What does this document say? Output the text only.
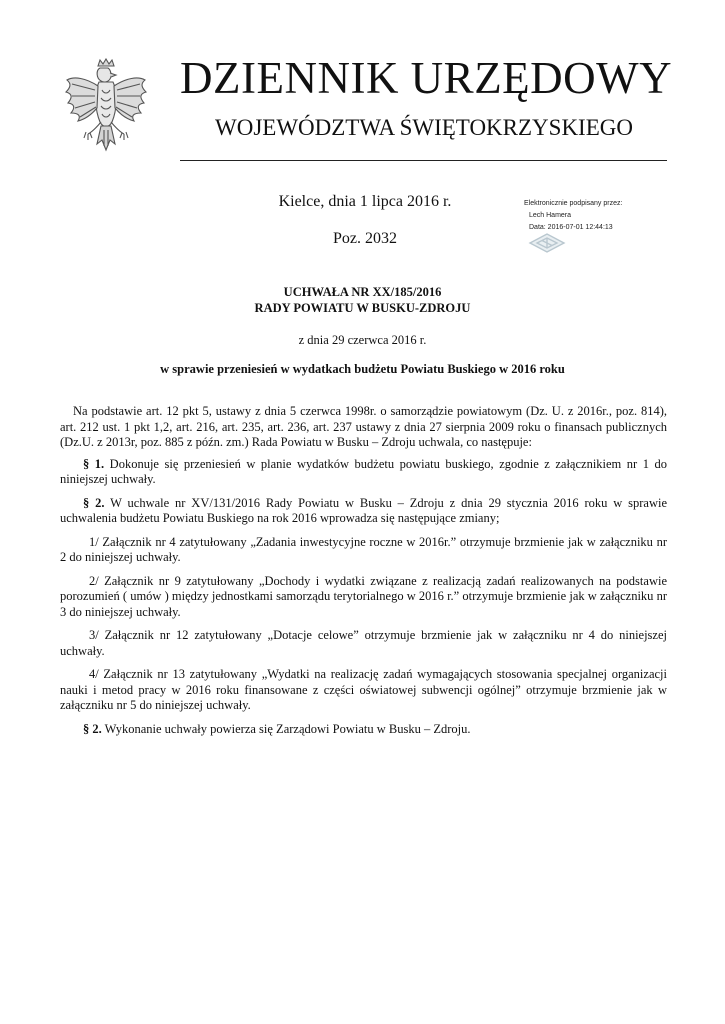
DZIENNIK URZĘDOWY
WOJEWÓDZTWA ŚWIĘTOKRZYSKIEGO
Kielce, dnia 1 lipca 2016 r.
Poz. 2032
Elektronicznie podpisany przez:
Lech Hamera
Data: 2016-07-01 12:44:13
UCHWAŁA NR XX/185/2016
RADY POWIATU W BUSKU-ZDROJU
z dnia 29 czerwca 2016 r.
w sprawie przeniesień w wydatkach budżetu Powiatu Buskiego w 2016 roku

Na podstawie art. 12 pkt 5, ustawy z dnia 5 czerwca 1998r. o samorządzie powiatowym (Dz. U. z 2016r., poz. 814), art. 212 ust. 1 pkt 1,2, art. 216, art. 235, art. 236, art. 237 ustawy z dnia 27 sierpnia 2009 roku o finansach publicznych (Dz.U. z 2013r, poz. 885 z późn. zm.) Rada Powiatu w Busku – Zdroju uchwala, co następuje:

§ 1. Dokonuje się przeniesień w planie wydatków budżetu powiatu buskiego, zgodnie z załącznikiem nr 1 do niniejszej uchwały.

§ 2. W uchwale nr XV/131/2016 Rady Powiatu w Busku – Zdroju z dnia 29 stycznia 2016 roku w sprawie uchwalenia budżetu Powiatu Buskiego na rok 2016 wprowadza się następujące zmiany;

1/ Załącznik nr 4 zatytułowany „Zadania inwestycyjne roczne w 2016r.” otrzymuje brzmienie jak w załączniku nr 2 do niniejszej uchwały.

2/ Załącznik nr 9 zatytułowany „Dochody i wydatki związane z realizacją zadań realizowanych na podstawie porozumień ( umów ) między jednostkami samorządu terytorialnego w 2016 r.” otrzymuje brzmienie jak w załączniku nr 3 do niniejszej uchwały.

3/ Załącznik nr 12 zatytułowany „Dotacje celowe” otrzymuje brzmienie jak w załączniku nr 4 do niniejszej uchwały.

4/ Załącznik nr 13 zatytułowany „Wydatki na realizację zadań wymagających stosowania specjalnej organizacji nauki i metod pracy w 2016 roku finansowane z części oświatowej subwencji ogólnej” otrzymuje brzmienie jak w załączniku nr 5 do niniejszej uchwały.

§ 2. Wykonanie uchwały powierza się Zarządowi Powiatu w Busku – Zdroju.
